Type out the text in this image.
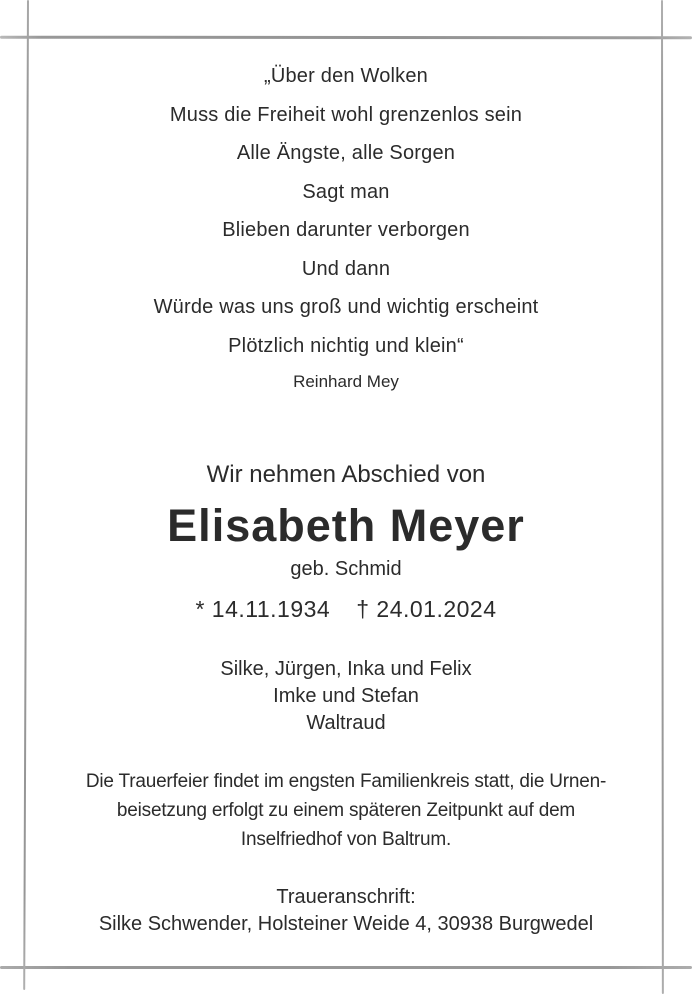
„Über den Wolken
Muss die Freiheit wohl grenzenlos sein
Alle Ängste, alle Sorgen
Sagt man
Blieben darunter verborgen
Und dann
Würde was uns groß und wichtig erscheint
Plötzlich nichtig und klein“
Reinhard Mey
Wir nehmen Abschied von
Elisabeth Meyer
geb. Schmid
* 14.11.1934 † 24.01.2024
Silke, Jürgen, Inka und Felix
Imke und Stefan
Waltraud
Die Trauerfeier findet im engsten Familienkreis statt, die Urnen-
beisetzung erfolgt zu einem späteren Zeitpunkt auf dem
Inselfriedhof von Baltrum.
Traueranschrift:
Silke Schwender, Holsteiner Weide 4, 30938 Burgwedel
